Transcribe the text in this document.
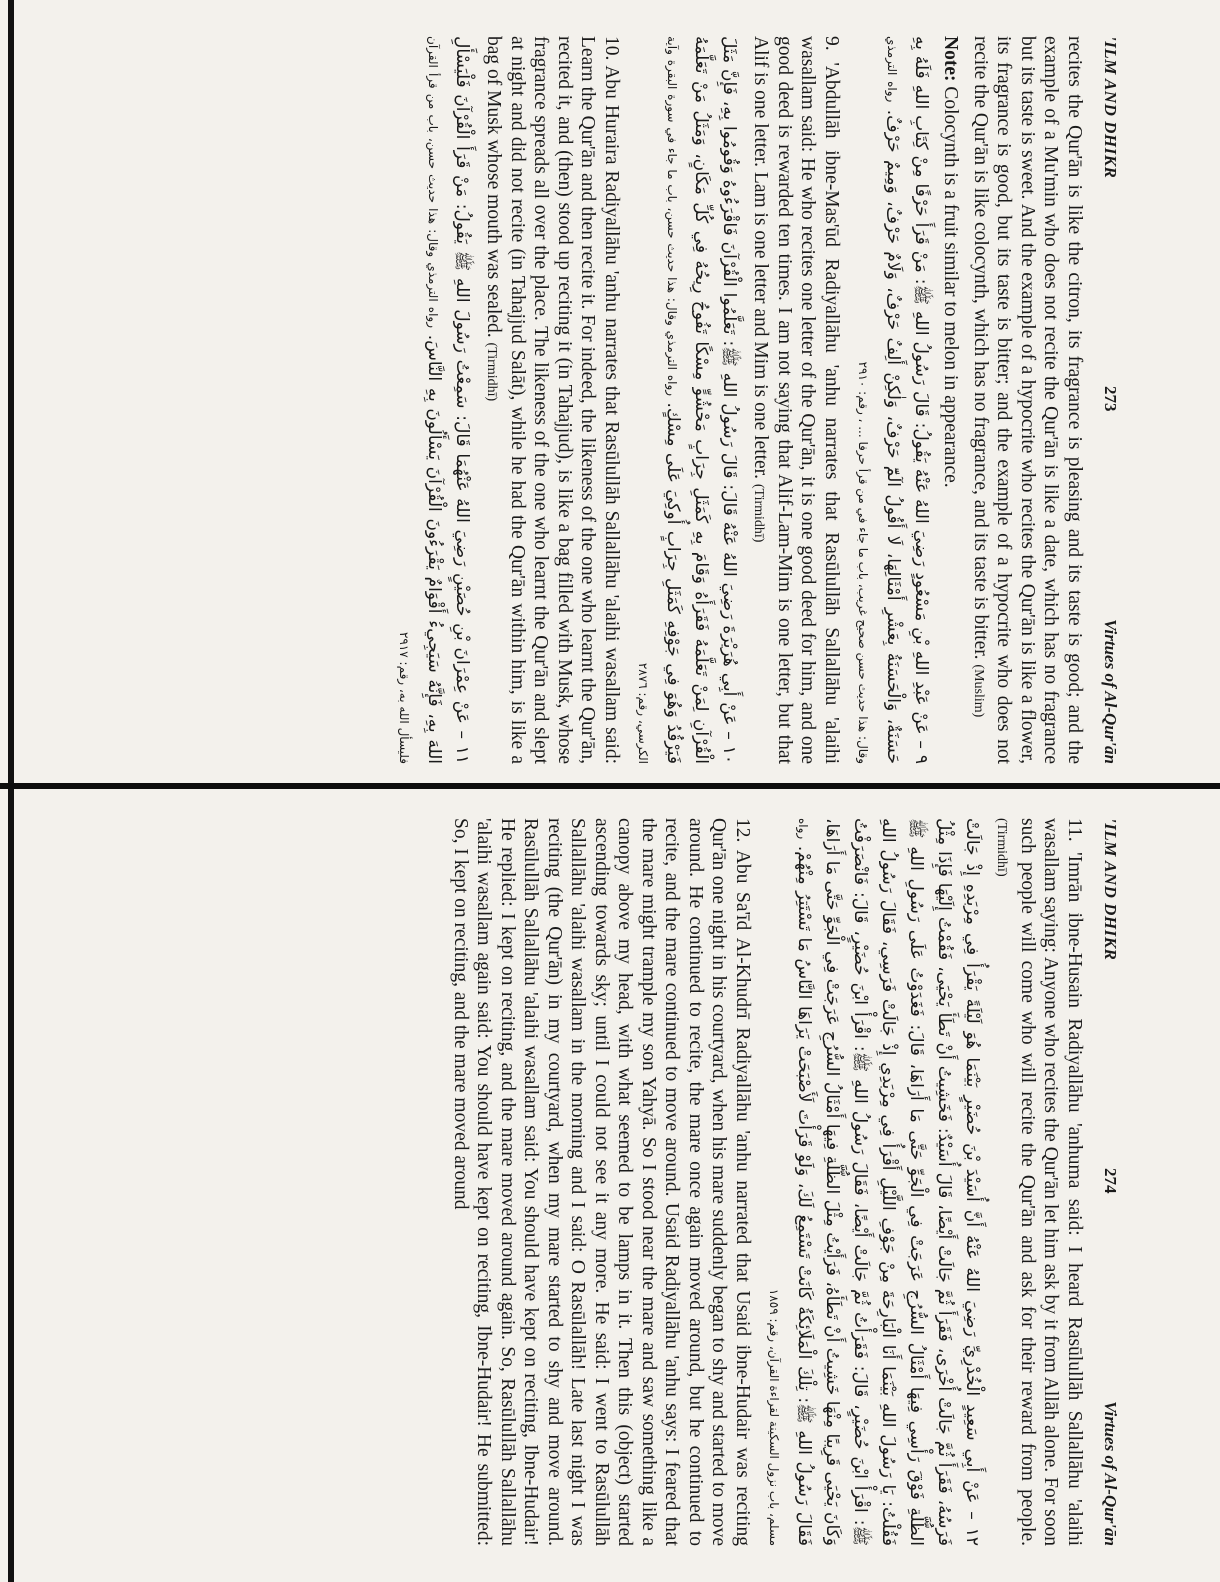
'ILM AND DHIKR
273
Virtues of Al-Qur'ān

recites the Qur'ān is like the citron, its fragrance is pleasing and its taste is good; and the example of a Mu'min who does not recite the Qur'ān is like a date, which has no fragrance but its taste is sweet. And the example of a hypocrite who recites the Qur'ān is like a flower, its fragrance is good, but its taste is bitter; and the example of a hypocrite who does not recite the Qur'ān is like colocynth, which has no fragrance, and its taste is bitter. (Muslim)

Note: Colocynth is a fruit similar to melon in appearance.

٩ – عَنْ عَبْدِ اللهِ بْنِ مَسْعُودٍ رَضِيَ اللهُ عَنْهُ يَقُولُ: قَالَ رَسُولُ اللهِ ﷺ: مَنْ قَرَأَ حَرْفًا مِنْ كِتَابِ اللهِ فَلَهُ بِهِ حَسَنَةٌ، وَالْحَسَنَةُ بِعَشْرِ أَمْثَالِهَا، لَا أَقُولُ الٓمّٓ حَرْفٌ، وَلٰكِنْ أَلِفٌ حَرْفٌ، وَلَامٌ حَرْفٌ، وَمِيمٌ حَرْفٌ. رواه الترمذي وقال: هذا حديث حسن صحيح غريب، باب ما جاء في من قرأ حرفا ... ، رقم: ٢٩١٠

9. 'Abdullāh ibne-Mas'ūd Radiyallāhu 'anhu narrates that Rasūlullāh Sallallāhu 'alaihi wasallam said: He who recites one letter of the Qur'ān, it is one good deed for him, and one good deed is rewarded ten times. I am not saying that Alif-Lam-Mim is one letter, but that Alif is one letter. Lam is one letter and Mim is one letter. (Tirmidhī)

١٠ – عَنْ أَبِي هُرَيْرَةَ رَضِيَ اللهُ عَنْهُ قَالَ: قَالَ رَسُولُ اللهِ ﷺ: تَعَلَّمُوا الْقُرْآنَ فَاقْرَءُوهُ وَقُومُوا بِهِ، فَإِنَّ مَثَلَ الْقُرْآنِ لِمَنْ تَعَلَّمَهُ فَقَرَأَهُ وَقَامَ بِهِ كَمَثَلِ جِرَابٍ مَحْشُوٍّ مِسْكًا تَفُوحُ رِيحُهُ فِي كُلِّ مَكَانٍ، وَمَثَلُ مَنْ تَعَلَّمَهُ فَيَرْقُدُ وَهُوَ فِي جَوْفِهِ كَمَثَلِ جِرَابٍ أُوكِيَ عَلَى مِسْكٍ. رواه الترمذي وقال: هذا حديث حسن، باب ما جاء في سورة البقرة وآية الكرسي، رقم: ٢٨٧٦

10. Abu Huraira Radiyallāhu 'anhu narrates that Rasūlullāh Sallallāhu 'alaihi wasallam said: Learn the Qur'ān and then recite it. For indeed, the likeness of the one who learnt the Qur'ān, recited it, and (then) stood up reciting it (in Tahajjud), is like a bag filled with Musk, whose fragrance spreads all over the place. The likeness of the one who learnt the Qur'ān and slept at night and did not recite (in Tahajjud Salāt), while he had the Qur'ān within him, is like a bag of Musk whose mouth was sealed. (Tirmidhī)

١١ – عَنْ عِمْرَانَ بْنِ حُصَيْنٍ رَضِيَ اللهُ عَنْهُمَا قَالَ: سَمِعْتُ رَسُولَ اللهِ ﷺ يَقُولُ: مَنْ قَرَأَ الْقُرْآنَ فَلْيَسْأَلِ اللهَ بِهِ، فَإِنَّهُ سَيَجِيءُ أَقْوَامٌ يَقْرَءُونَ الْقُرْآنَ يَسْأَلُونَ بِهِ النَّاسَ. رواه الترمذي وقال: هذا حديث حسن، باب من قرأ القرآن فليسأل الله به، رقم: ٢٩١٧

'ILM AND DHIKR
274
Virtues of Al-Qur'ān

11. 'Imrān ibne-Husain Radiyallāhu 'anhuma said: I heard Rasūlullāh Sallallāhu 'alaihi wasallam saying: Anyone who recites the Qur'ān let him ask by it from Allāh alone. For soon such people will come who will recite the Qur'ān and ask for their reward from people. (Tirmidhī)

١٢ – عَنْ أَبِي سَعِيدٍ الْخُدْرِيِّ رَضِيَ اللهُ عَنْهُ أَنَّ أُسَيْدَ بْنَ حُضَيْرٍ بَيْنَمَا هُوَ لَيْلَةً يَقْرَأُ فِي مِرْبَدِهِ إِذْ جَالَتْ فَرَسُهُ، فَقَرَأَ ثُمَّ جَالَتْ أُخْرَى، فَقَرَأَ ثُمَّ جَالَتْ أَيْضًا، قَالَ أُسَيْدٌ: فَخَشِيتُ أَنْ تَطَأَ يَحْيَى، فَقُمْتُ إِلَيْهَا فَإِذَا مِثْلُ الظُّلَّةِ فَوْقَ رَأْسِي فِيهَا أَمْثَالُ السُّرُجِ عَرَجَتْ فِي الْجَوِّ حَتَّى مَا أَرَاهَا، قَالَ: فَغَدَوْتُ عَلَى رَسُولِ اللهِ ﷺ فَقُلْتُ: يَا رَسُولَ اللهِ بَيْنَمَا أَنَا الْبَارِحَةَ مِنْ جَوْفِ اللَّيْلِ أَقْرَأُ فِي مِرْبَدِي إِذْ جَالَتْ فَرَسِي، فَقَالَ رَسُولُ اللهِ ﷺ: اقْرَأْ ابْنَ حُضَيْرٍ، قَالَ: فَقَرَأْتُ ثُمَّ جَالَتْ أَيْضًا، فَقَالَ رَسُولُ اللهِ ﷺ: اقْرَأْ ابْنَ حُضَيْرٍ، قَالَ: فَانْصَرَفْتُ وَكَانَ يَحْيَى قَرِيبًا مِنْهَا خَشِيتُ أَنْ تَطَأَهُ، فَرَأَيْتُ مِثْلَ الظُّلَّةِ فِيهَا أَمْثَالُ السُّرُجِ عَرَجَتْ فِي الْجَوِّ حَتَّى مَا أَرَاهَا، فَقَالَ رَسُولُ اللهِ ﷺ: تِلْكَ الْمَلَائِكَةُ كَانَتْ تَسْتَمِعُ لَكَ، وَلَوْ قَرَأْتَ لَأَصْبَحَتْ يَرَاهَا النَّاسُ مَا تَسْتَتِرُ مِنْهُمْ. رواه مسلم، باب نزول السكينة لقراءة القرآن، رقم: ١٨٥٩

12. Abu Sa'īd Al-Khudrī Radiyallāhu 'anhu narrated that Usaid ibne-Hudair was reciting Qur'ān one night in his courtyard, when his mare suddenly began to shy and started to move around. He continued to recite, the mare once again moved around, but he continued to recite, and the mare continued to move around. Usaid Radiyallāhu 'anhu says: I feared that the mare might trample my son Yahyā. So I stood near the mare and saw something like a canopy above my head, with what seemed to be lamps in it. Then this (object) started ascending towards sky; until I could not see it any more. He said: I went to Rasūlullāh Sallallāhu 'alaihi wasallam in the morning and I said: O Rasūlallāh! Late last night I was reciting (the Qur'ān) in my courtyard, when my mare started to shy and move around. Rasūlullāh Sallallāhu 'alaihi wasallam said: You should have kept on reciting, Ibne-Hudair! He replied: I kept on reciting, and the mare moved around again. So, Rasūlullāh Sallallāhu 'alaihi wasallam again said: You should have kept on reciting, Ibne-Hudair! He submitted: So, I kept on reciting, and the mare moved around
